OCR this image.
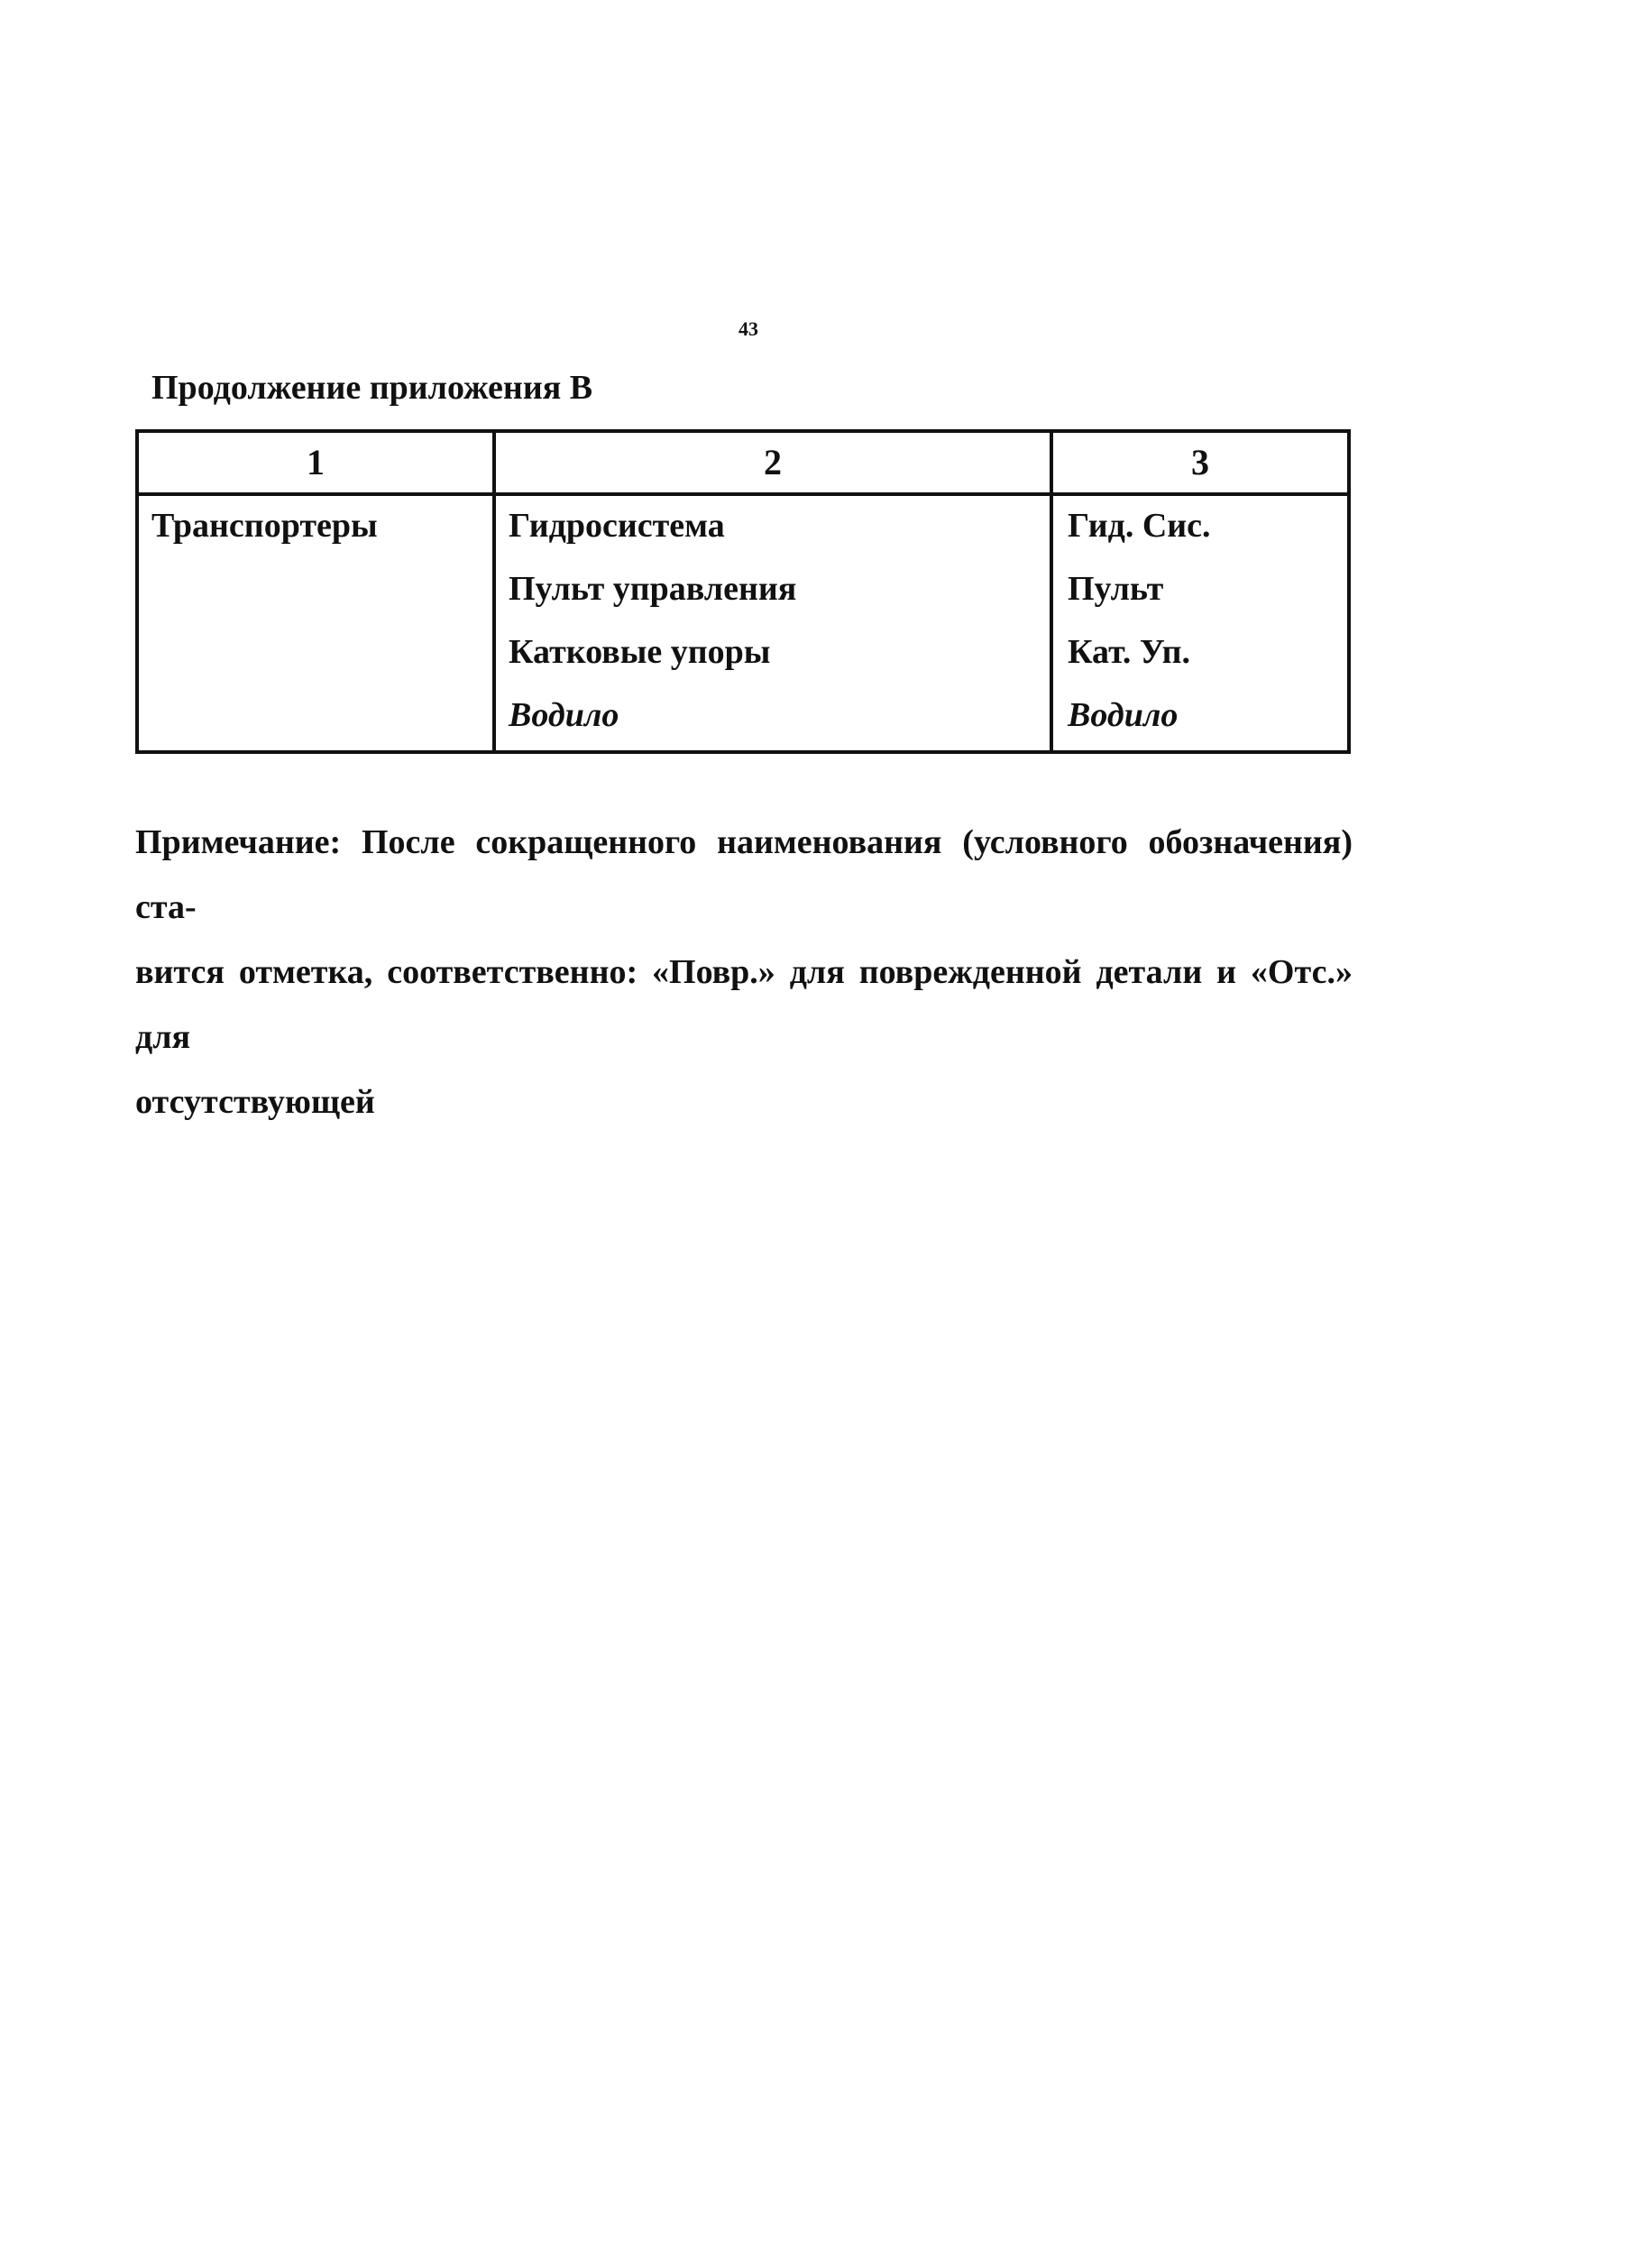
43
Продолжение приложения В
1	2	3
Транспортеры	Гидросистема	Гид. Сис.
Пульт управления	Пульт
Катковые упоры	Кат. Уп.
Водило	Водило
Примечание: После сокращенного наименования (условного обозначения) ста-
вится отметка, соответственно: «Повр.» для поврежденной детали и «Отс.» для
отсутствующей
